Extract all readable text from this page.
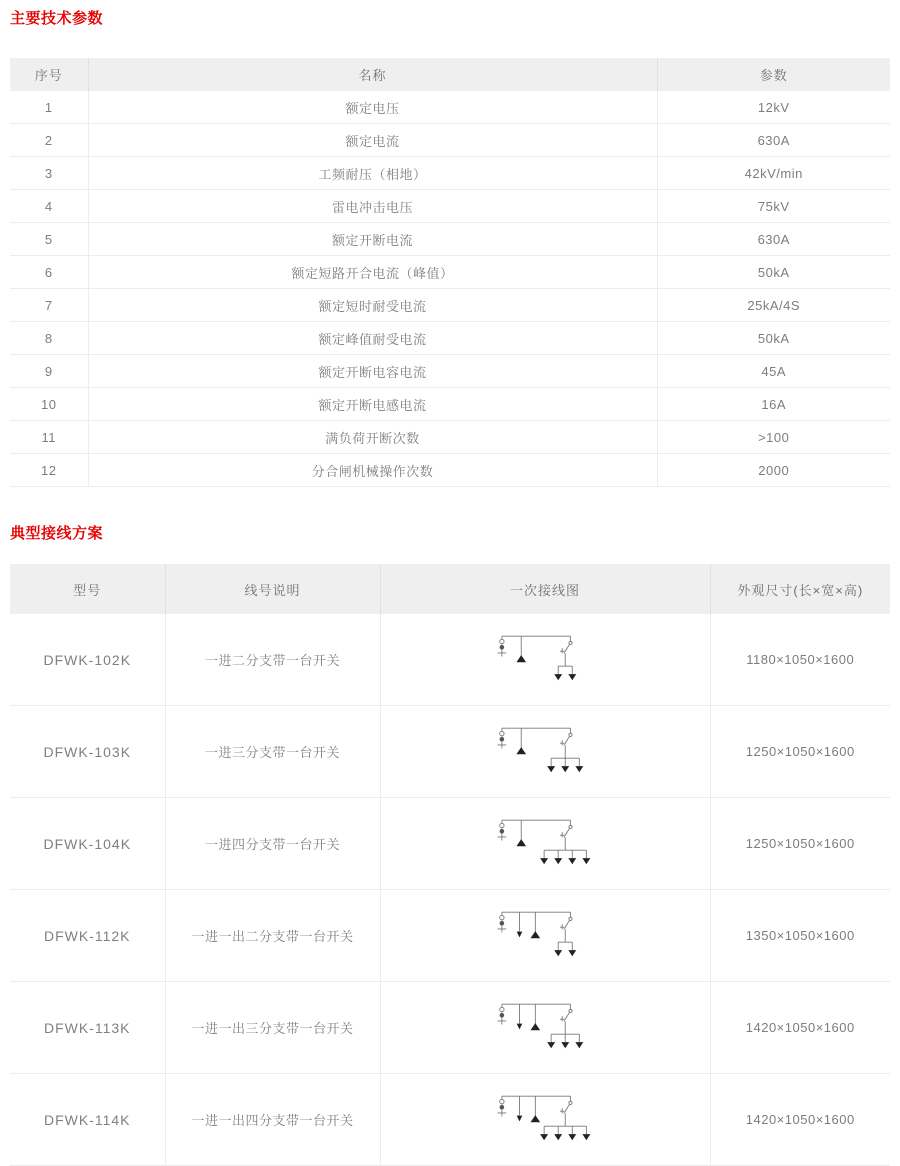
主要技术参数
序号	名称	参数
1	额定电压	12kV
2	额定电流	630A
3	工频耐压（相地）	42kV/min
4	雷电冲击电压	75kV
5	额定开断电流	630A
6	额定短路开合电流（峰值）	50kA
7	额定短时耐受电流	25kA/4S
8	额定峰值耐受电流	50kA
9	额定开断电容电流	45A
10	额定开断电感电流	16A
11	满负荷开断次数	>100
12	分合闸机械操作次数	2000
典型接线方案
型号	线号说明	一次接线图	外观尺寸(长×宽×高)
DFWK-102K	一进二分支带一台开关		1180×1050×1600
DFWK-103K	一进三分支带一台开关		1250×1050×1600
DFWK-104K	一进四分支带一台开关		1250×1050×1600
DFWK-112K	一进一出二分支带一台开关		1350×1050×1600
DFWK-113K	一进一出三分支带一台开关		1420×1050×1600
DFWK-114K	一进一出四分支带一台开关		1420×1050×1600
